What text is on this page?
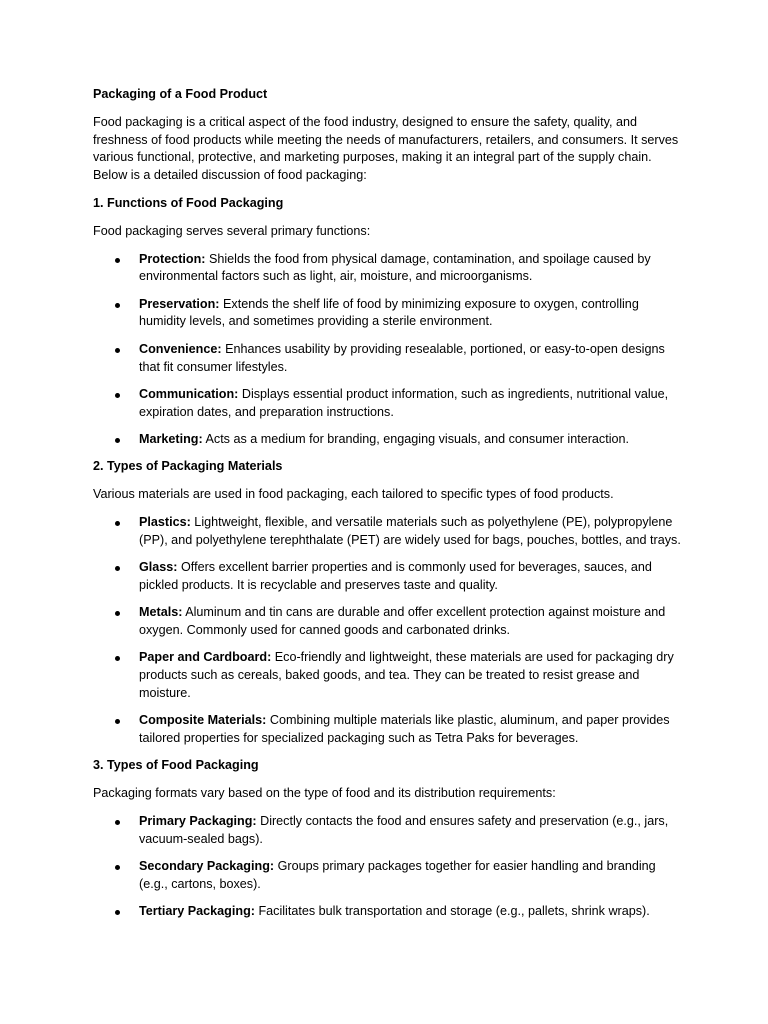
Packaging of a Food Product

Food packaging is a critical aspect of the food industry, designed to ensure the safety, quality, and freshness of food products while meeting the needs of manufacturers, retailers, and consumers. It serves various functional, protective, and marketing purposes, making it an integral part of the supply chain. Below is a detailed discussion of food packaging:

1. Functions of Food Packaging

Food packaging serves several primary functions:

Protection: Shields the food from physical damage, contamination, and spoilage caused by environmental factors such as light, air, moisture, and microorganisms.
Preservation: Extends the shelf life of food by minimizing exposure to oxygen, controlling humidity levels, and sometimes providing a sterile environment.
Convenience: Enhances usability by providing resealable, portioned, or easy-to-open designs that fit consumer lifestyles.
Communication: Displays essential product information, such as ingredients, nutritional value, expiration dates, and preparation instructions.
Marketing: Acts as a medium for branding, engaging visuals, and consumer interaction.
2. Types of Packaging Materials

Various materials are used in food packaging, each tailored to specific types of food products.

Plastics: Lightweight, flexible, and versatile materials such as polyethylene (PE), polypropylene (PP), and polyethylene terephthalate (PET) are widely used for bags, pouches, bottles, and trays.
Glass: Offers excellent barrier properties and is commonly used for beverages, sauces, and pickled products. It is recyclable and preserves taste and quality.
Metals: Aluminum and tin cans are durable and offer excellent protection against moisture and oxygen. Commonly used for canned goods and carbonated drinks.
Paper and Cardboard: Eco-friendly and lightweight, these materials are used for packaging dry products such as cereals, baked goods, and tea. They can be treated to resist grease and moisture.
Composite Materials: Combining multiple materials like plastic, aluminum, and paper provides tailored properties for specialized packaging such as Tetra Paks for beverages.
3. Types of Food Packaging

Packaging formats vary based on the type of food and its distribution requirements:

Primary Packaging: Directly contacts the food and ensures safety and preservation (e.g., jars, vacuum-sealed bags).
Secondary Packaging: Groups primary packages together for easier handling and branding (e.g., cartons, boxes).
Tertiary Packaging: Facilitates bulk transportation and storage (e.g., pallets, shrink wraps).
